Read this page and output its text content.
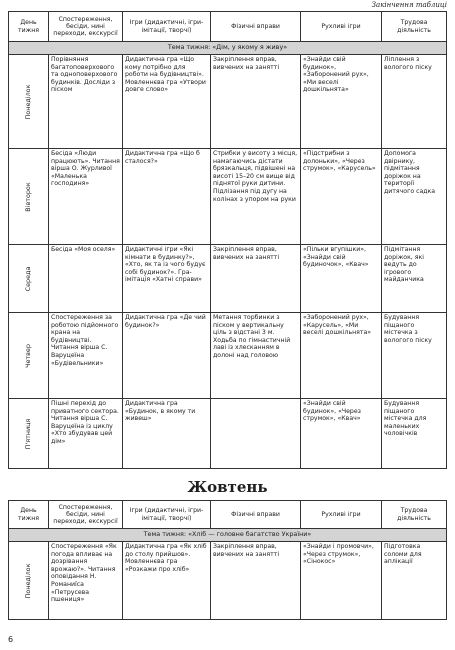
Закінчення таблиці
День тижня	Спостереження, бесіди, нині переходи, екскурсії	Ігри (дидактичні, ігри-імітації, творчі)	Фізичні вправи	Рухливі ігри	Трудова діяльність
Тема тижня: «Дім, у якому я живу»					

Понеділок	Порівняння багатоповерхового та одноповерхового будинків. Досліди з піском	Дидактична гра «Що кому потрібно для роботи на будівництві». Мовленнєва гра «Утвори довге слово»	Закріплення вправ, вивчених на занятті	«Знайди свій будинок», «Заборонений рух», «Ми веселі дошкільнята»	Ліплення з вологого піску

Вівторок	Бесіда «Люди працюють». Читання вірша О. Журливої «Маленька господиня»	Дидактична гра «Що б сталося?»	Стрибки у висоту з місця, намагаючись дістати брязкальця, підвішені на висоті 15–20 см вище від піднятої руки дитини. Підлізання під дугу на колінах з упором на руки	«Підстрибни з долоньки», «Через струмок», «Карусель»	Допомога двірнику, підмітання доріжок на території дитячого садка

Середа	Бесіда «Моя оселя»	Дидактичні ігри «Які кімнати в будинку?», «Хто, як та із чого будує собі будинок?». Гра-імітація «Хатні справи»	Закріплення вправ, вивчених на занятті	«Пільки вгупішки», «Знайди свій будиночок», «Квач»	Підмітання доріжок, які ведуть до ігрового майданчика

Четвер	Спостереження за роботою підйомного крана на будівництві. Читання вірша С. Варуцеїна «Будівельники»	Дидактична гра «Де чий будинок?»	Метання торбинки з піском у вертикальну ціль з відстані 3 м. Ходьба по гімнастичній лаві із хлесканням в долоні над головою	«Заборонений рух», «Карусель», «Ми веселі дошкільнята»	Будування піщаного містечка з вологого піску

П'ятниця	Пішні перехід до приватного сектора. Читання вірша С. Варуцеїна із циклу «Хто збудував цей дім»	Дидактична гра «Будинок, в якому ти живеш»		«Знайди свій будинок», «Через струмок», «Квач»	Будування піщаного містечка для маленьких чоловічків
Жовтень
День тижня	Спостереження, бесіди, нині переходи, екскурсії	Ігри (дидактичні, ігри-імітації, творчі)	Фізичні вправи	Рухливі ігри	Трудова діяльність
Тема тижня: «Хліб — головне багатство України»					

Понеділок	Спостереження «Як погода впливає на дозрівання врожаю?». Читання оповідання Н. Романиїса «Петрусева пшениця»	Дидактична гра «Як хліб до столу прийшов». Мовленнєва гра «Розкажи про хліб»	Закріплення вправ, вивчених на занятті	«Знайди і промовчи», «Через струмок», «Сінокос»	Підготовка соломи для аплікації
6
